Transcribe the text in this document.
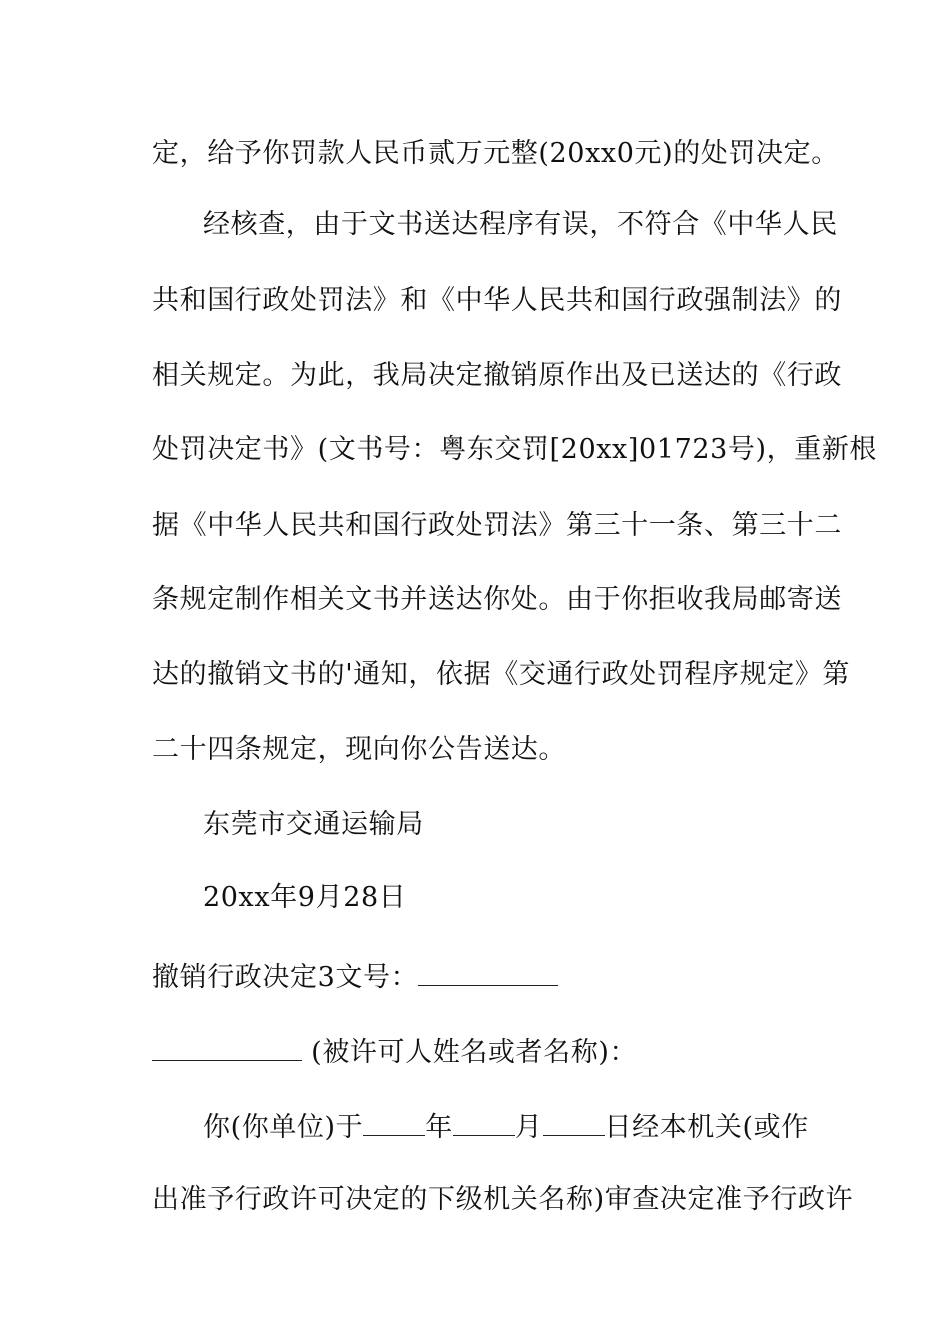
定，给予你罚款人民币贰万元整(20xx0元)的处罚决定。
经核查，由于文书送达程序有误，不符合《中华人民
共和国行政处罚法》和《中华人民共和国行政强制法》的
相关规定。为此，我局决定撤销原作出及已送达的《行政
处罚决定书》(文书号：粤东交罚[20xx]01723号)，重新根
据《中华人民共和国行政处罚法》第三十一条、第三十二
条规定制作相关文书并送达你处。由于你拒收我局邮寄送
达的撤销文书的'通知，依据《交通行政处罚程序规定》第
二十四条规定，现向你公告送达。
东莞市交通运输局
20xx年9月28日
撤销行政决定3文号：
(被许可人姓名或者名称)：
你(你单位)于 年 月 日经本机关(或作
出准予行政许可决定的下级机关名称)审查决定准予行政许
